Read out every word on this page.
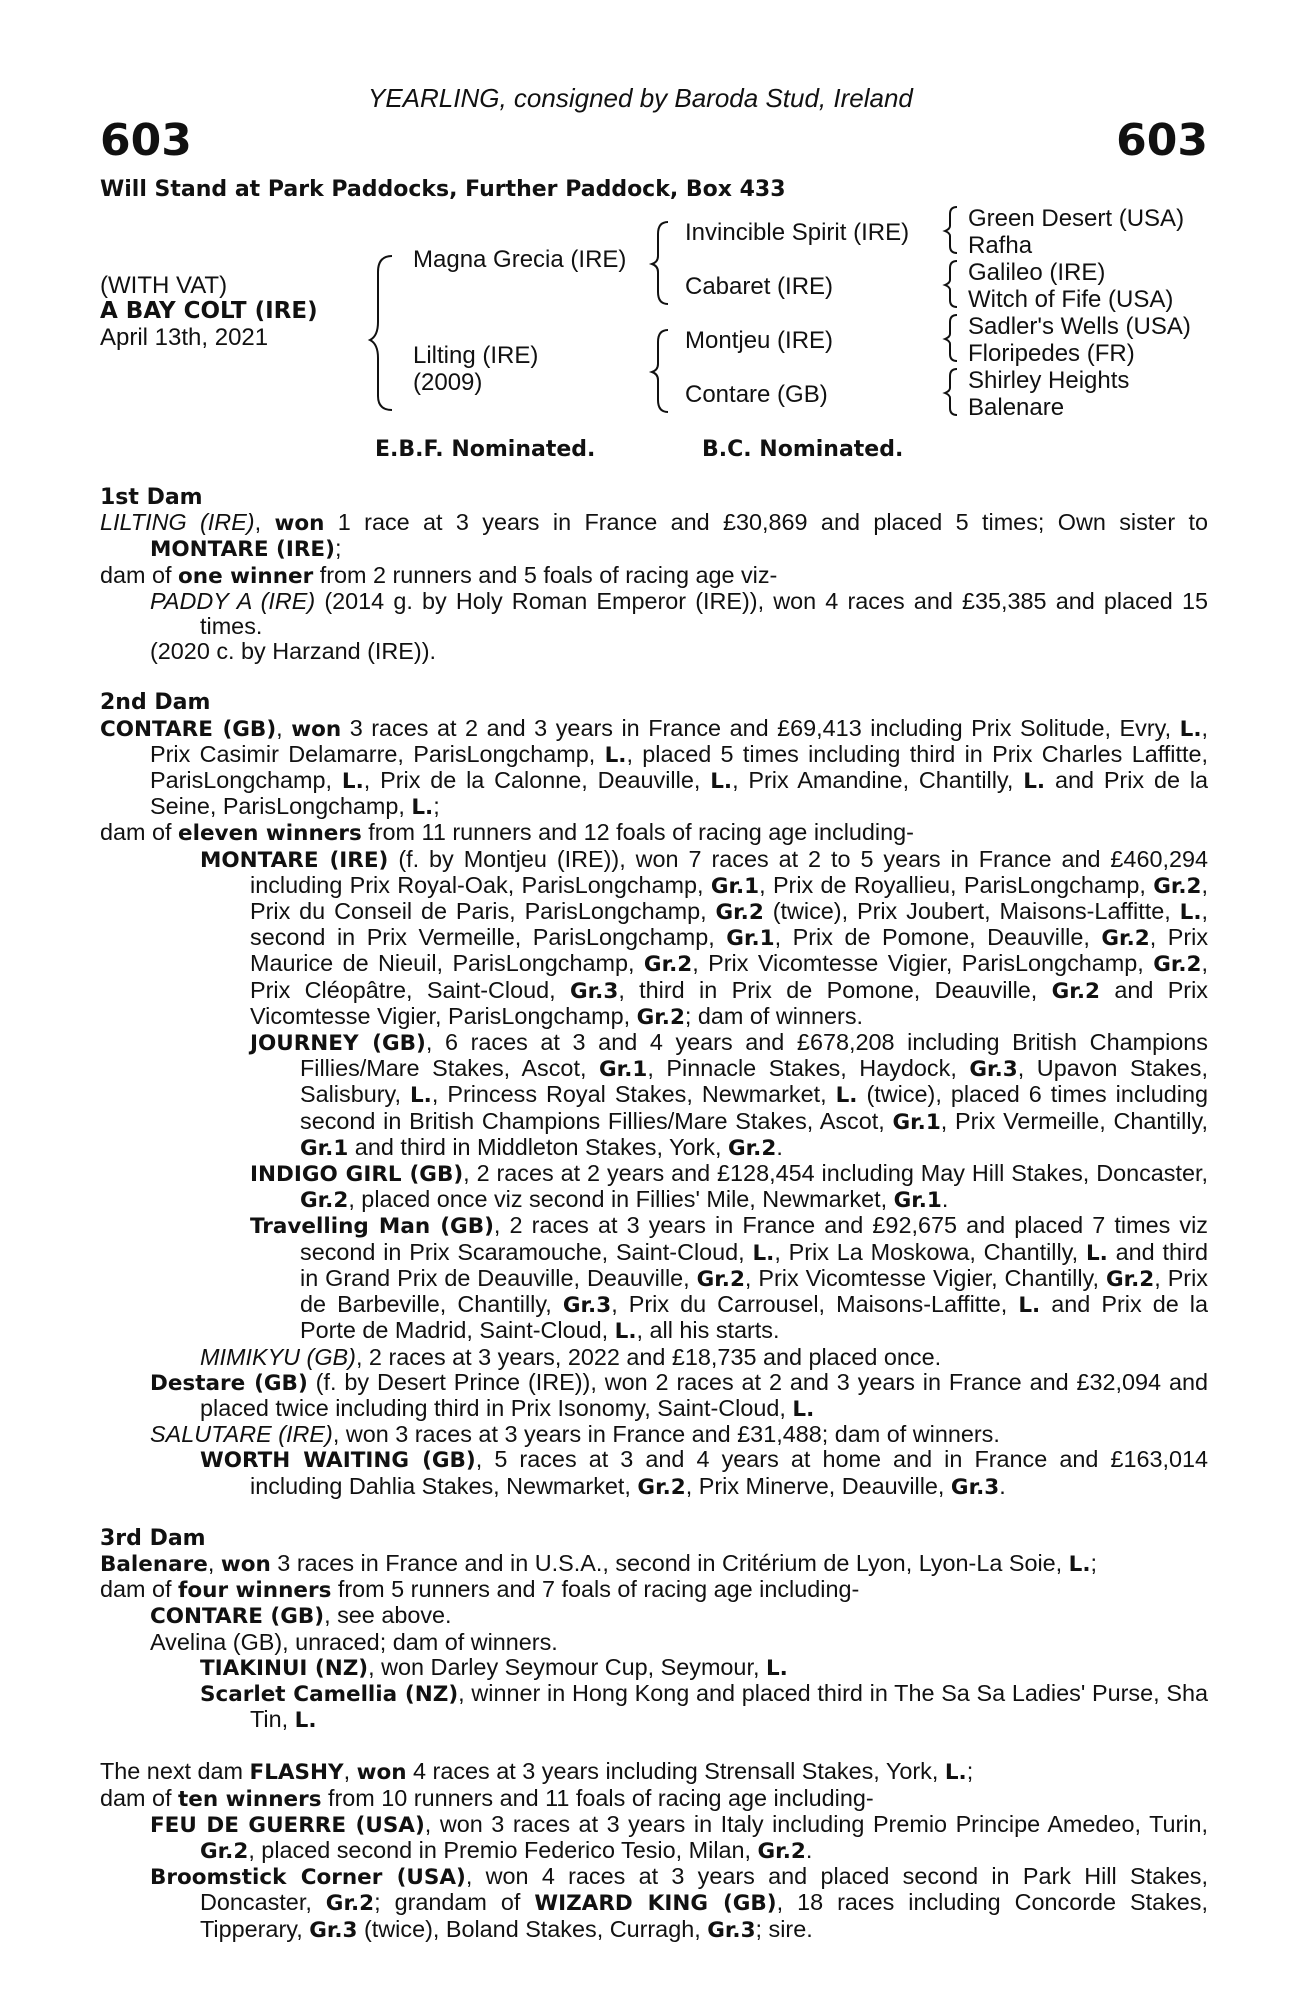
YEARLING, consigned by Baroda Stud, Ireland
603	603
Will Stand at Park Paddocks, Further Paddock, Box 433
(WITH VAT)
A BAY COLT (IRE)
April 13th, 2021
Magna Grecia (IRE)
Lilting (IRE)
(2009)
Invincible Spirit (IRE)
Cabaret (IRE)
Montjeu (IRE)
Contare (GB)
Green Desert (USA)
Rafha
Galileo (IRE)
Witch of Fife (USA)
Sadler's Wells (USA)
Floripedes (FR)
Shirley Heights
Balenare
E.B.F. Nominated.	B.C. Nominated.
1st Dam
LILTING (IRE), won 1 race at 3 years in France and £30,869 and placed 5 times; Own sister to MONTARE (IRE);
dam of one winner from 2 runners and 5 foals of racing age viz-
PADDY A (IRE) (2014 g. by Holy Roman Emperor (IRE)), won 4 races and £35,385 and placed 15 times.
(2020 c. by Harzand (IRE)).
2nd Dam
CONTARE (GB), won 3 races at 2 and 3 years in France and £69,413 including Prix Solitude, Evry, L., Prix Casimir Delamarre, ParisLongchamp, L., placed 5 times including third in Prix Charles Laffitte, ParisLongchamp, L., Prix de la Calonne, Deauville, L., Prix Amandine, Chantilly, L. and Prix de la Seine, ParisLongchamp, L.;
dam of eleven winners from 11 runners and 12 foals of racing age including-
MONTARE (IRE) (f. by Montjeu (IRE)), won 7 races at 2 to 5 years in France and £460,294 including Prix Royal-Oak, ParisLongchamp, Gr.1, Prix de Royallieu, ParisLongchamp, Gr.2, Prix du Conseil de Paris, ParisLongchamp, Gr.2 (twice), Prix Joubert, Maisons-Laffitte, L., second in Prix Vermeille, ParisLongchamp, Gr.1, Prix de Pomone, Deauville, Gr.2, Prix Maurice de Nieuil, ParisLongchamp, Gr.2, Prix Vicomtesse Vigier, ParisLongchamp, Gr.2, Prix Cléopâtre, Saint-Cloud, Gr.3, third in Prix de Pomone, Deauville, Gr.2 and Prix Vicomtesse Vigier, ParisLongchamp, Gr.2; dam of winners.
JOURNEY (GB), 6 races at 3 and 4 years and £678,208 including British Champions Fillies/Mare Stakes, Ascot, Gr.1, Pinnacle Stakes, Haydock, Gr.3, Upavon Stakes, Salisbury, L., Princess Royal Stakes, Newmarket, L. (twice), placed 6 times including second in British Champions Fillies/Mare Stakes, Ascot, Gr.1, Prix Vermeille, Chantilly, Gr.1 and third in Middleton Stakes, York, Gr.2.
INDIGO GIRL (GB), 2 races at 2 years and £128,454 including May Hill Stakes, Doncaster, Gr.2, placed once viz second in Fillies' Mile, Newmarket, Gr.1.
Travelling Man (GB), 2 races at 3 years in France and £92,675 and placed 7 times viz second in Prix Scaramouche, Saint-Cloud, L., Prix La Moskowa, Chantilly, L. and third in Grand Prix de Deauville, Deauville, Gr.2, Prix Vicomtesse Vigier, Chantilly, Gr.2, Prix de Barbeville, Chantilly, Gr.3, Prix du Carrousel, Maisons-Laffitte, L. and Prix de la Porte de Madrid, Saint-Cloud, L., all his starts.
MIMIKYU (GB), 2 races at 3 years, 2022 and £18,735 and placed once.
Destare (GB) (f. by Desert Prince (IRE)), won 2 races at 2 and 3 years in France and £32,094 and placed twice including third in Prix Isonomy, Saint-Cloud, L.
SALUTARE (IRE), won 3 races at 3 years in France and £31,488; dam of winners.
WORTH WAITING (GB), 5 races at 3 and 4 years at home and in France and £163,014 including Dahlia Stakes, Newmarket, Gr.2, Prix Minerve, Deauville, Gr.3.
3rd Dam
Balenare, won 3 races in France and in U.S.A., second in Critérium de Lyon, Lyon-La Soie, L.;
dam of four winners from 5 runners and 7 foals of racing age including-
CONTARE (GB), see above.
Avelina (GB), unraced; dam of winners.
TIAKINUI (NZ), won Darley Seymour Cup, Seymour, L.
Scarlet Camellia (NZ), winner in Hong Kong and placed third in The Sa Sa Ladies' Purse, Sha Tin, L.
The next dam FLASHY, won 4 races at 3 years including Strensall Stakes, York, L.;
dam of ten winners from 10 runners and 11 foals of racing age including-
FEU DE GUERRE (USA), won 3 races at 3 years in Italy including Premio Principe Amedeo, Turin, Gr.2, placed second in Premio Federico Tesio, Milan, Gr.2.
Broomstick Corner (USA), won 4 races at 3 years and placed second in Park Hill Stakes, Doncaster, Gr.2; grandam of WIZARD KING (GB), 18 races including Concorde Stakes, Tipperary, Gr.3 (twice), Boland Stakes, Curragh, Gr.3; sire.
